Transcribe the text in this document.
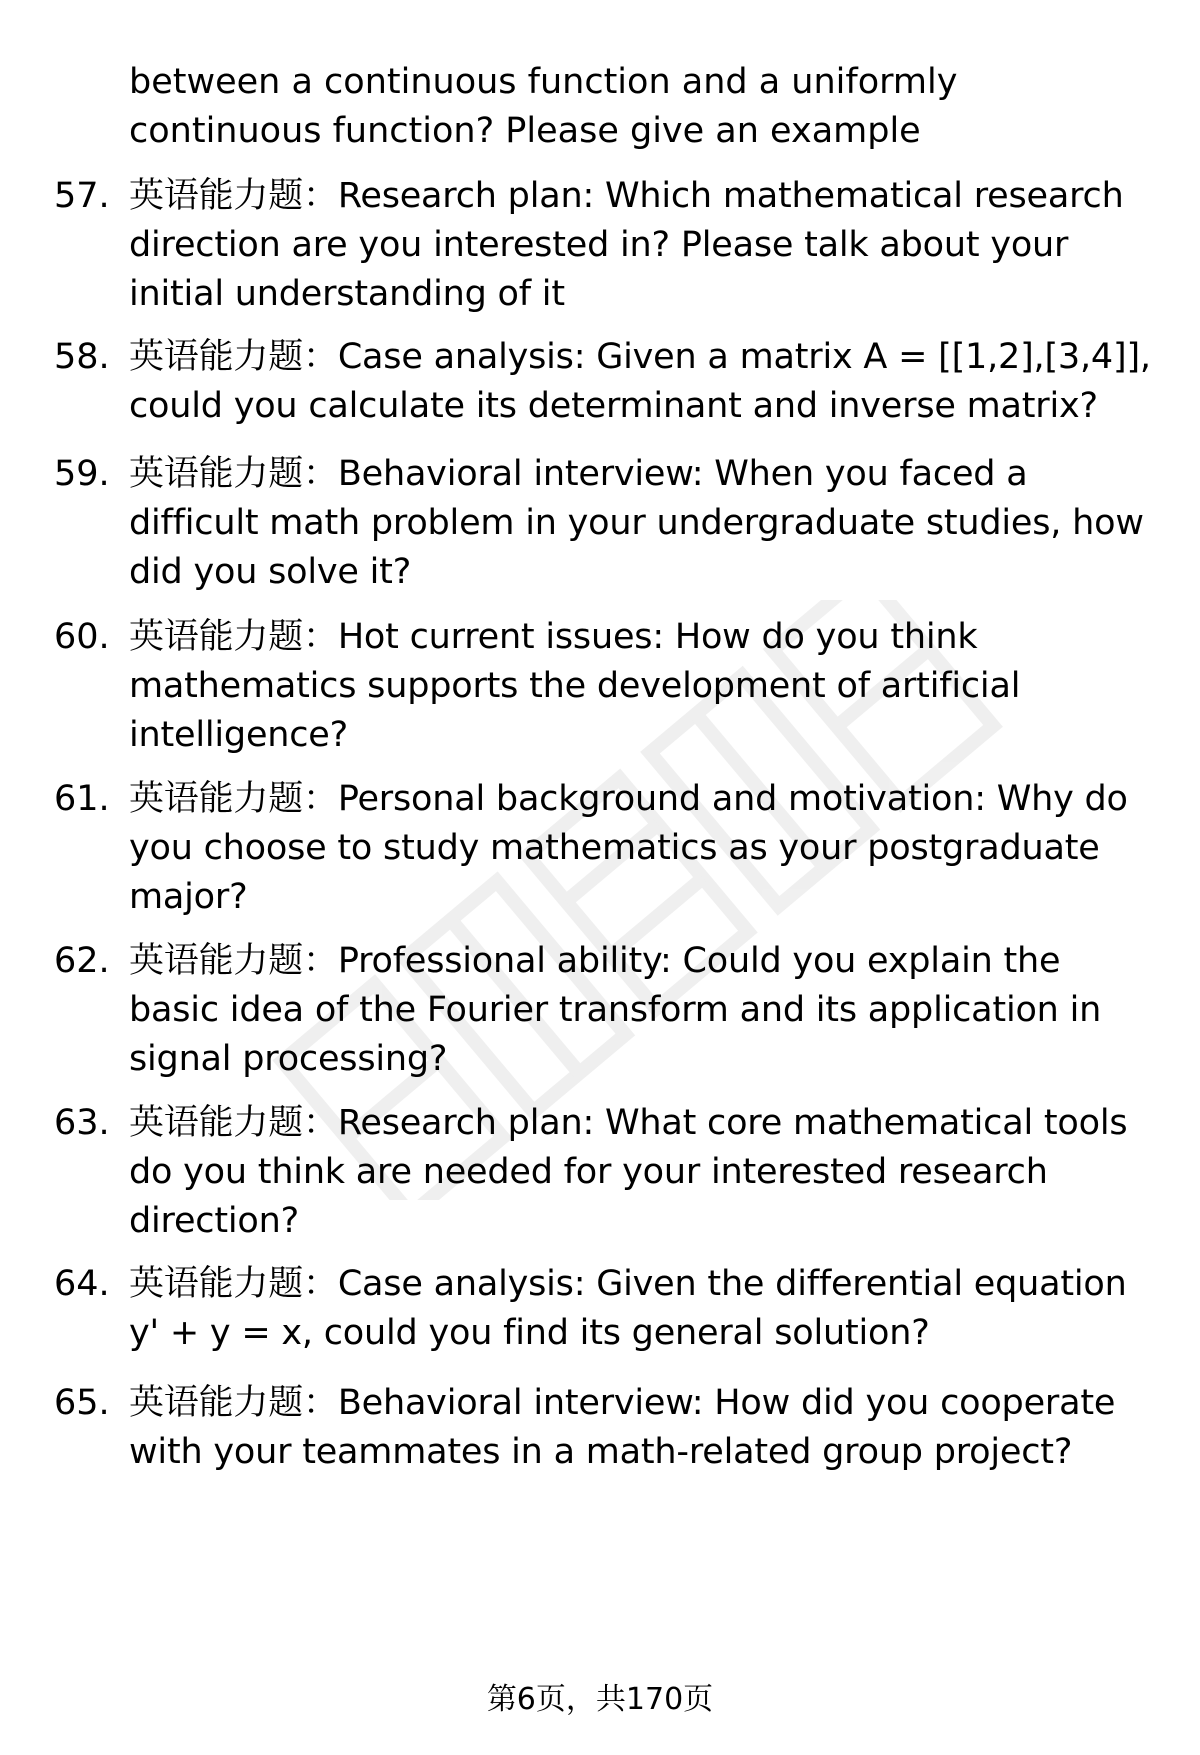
between a continuous function and a uniformly continuous function? Please give an example
57. 英语能力题：Research plan: Which mathematical research direction are you interested in? Please talk about your initial understanding of it
58. 英语能力题：Case analysis: Given a matrix A = [[1,2],[3,4]], could you calculate its determinant and inverse matrix?
59. 英语能力题：Behavioral interview: When you faced a difficult math problem in your undergraduate studies, how did you solve it?
60. 英语能力题：Hot current issues: How do you think mathematics supports the development of artificial intelligence?
61. 英语能力题：Personal background and motivation: Why do you choose to study mathematics as your postgraduate major?
62. 英语能力题：Professional ability: Could you explain the basic idea of the Fourier transform and its application in signal processing?
63. 英语能力题：Research plan: What core mathematical tools do you think are needed for your interested research direction?
64. 英语能力题：Case analysis: Given the differential equation y' + y = x, could you find its general solution?
65. 英语能力题：Behavioral interview: How did you cooperate with your teammates in a math-related group project?
第6页，共170页
